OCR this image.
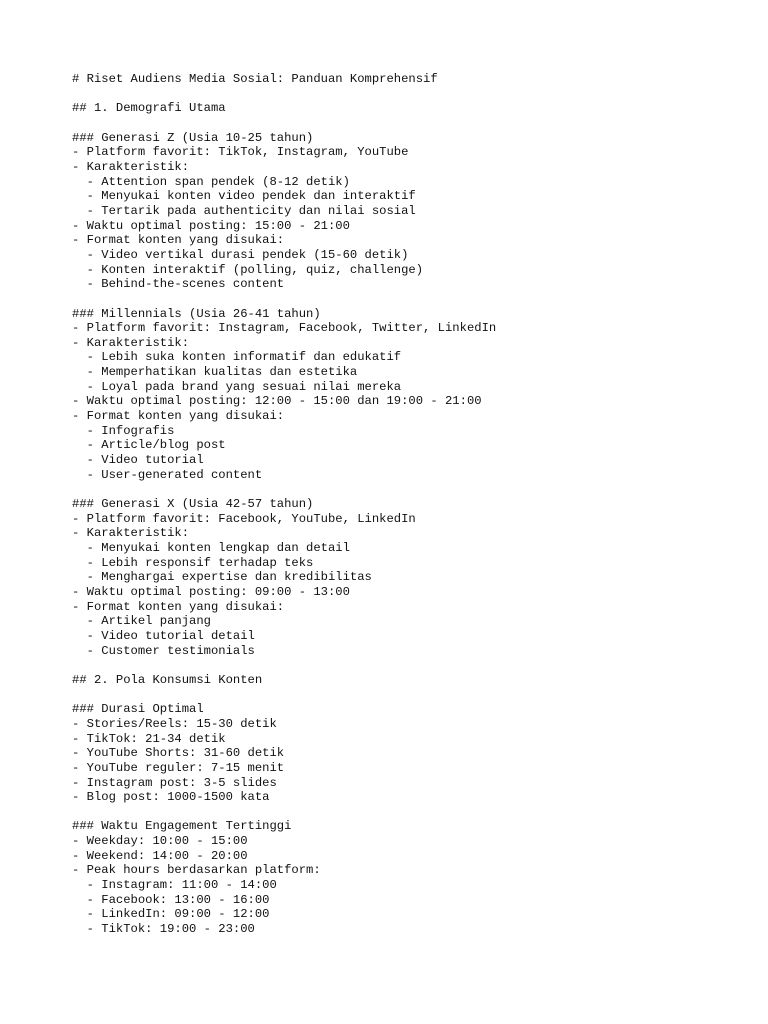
# Riset Audiens Media Sosial: Panduan Komprehensif
## 1. Demografi Utama
### Generasi Z (Usia 10-25 tahun)
- Platform favorit: TikTok, Instagram, YouTube
- Karakteristik:
- Attention span pendek (8-12 detik)
- Menyukai konten video pendek dan interaktif
- Tertarik pada authenticity dan nilai sosial
- Waktu optimal posting: 15:00 - 21:00
- Format konten yang disukai:
- Video vertikal durasi pendek (15-60 detik)
- Konten interaktif (polling, quiz, challenge)
- Behind-the-scenes content
### Millennials (Usia 26-41 tahun)
- Platform favorit: Instagram, Facebook, Twitter, LinkedIn
- Karakteristik:
- Lebih suka konten informatif dan edukatif
- Memperhatikan kualitas dan estetika
- Loyal pada brand yang sesuai nilai mereka
- Waktu optimal posting: 12:00 - 15:00 dan 19:00 - 21:00
- Format konten yang disukai:
- Infografis
- Article/blog post
- Video tutorial
- User-generated content
### Generasi X (Usia 42-57 tahun)
- Platform favorit: Facebook, YouTube, LinkedIn
- Karakteristik:
- Menyukai konten lengkap dan detail
- Lebih responsif terhadap teks
- Menghargai expertise dan kredibilitas
- Waktu optimal posting: 09:00 - 13:00
- Format konten yang disukai:
- Artikel panjang
- Video tutorial detail
- Customer testimonials
## 2. Pola Konsumsi Konten
### Durasi Optimal
- Stories/Reels: 15-30 detik
- TikTok: 21-34 detik
- YouTube Shorts: 31-60 detik
- YouTube reguler: 7-15 menit
- Instagram post: 3-5 slides
- Blog post: 1000-1500 kata
### Waktu Engagement Tertinggi
- Weekday: 10:00 - 15:00
- Weekend: 14:00 - 20:00
- Peak hours berdasarkan platform:
- Instagram: 11:00 - 14:00
- Facebook: 13:00 - 16:00
- LinkedIn: 09:00 - 12:00
- TikTok: 19:00 - 23:00
